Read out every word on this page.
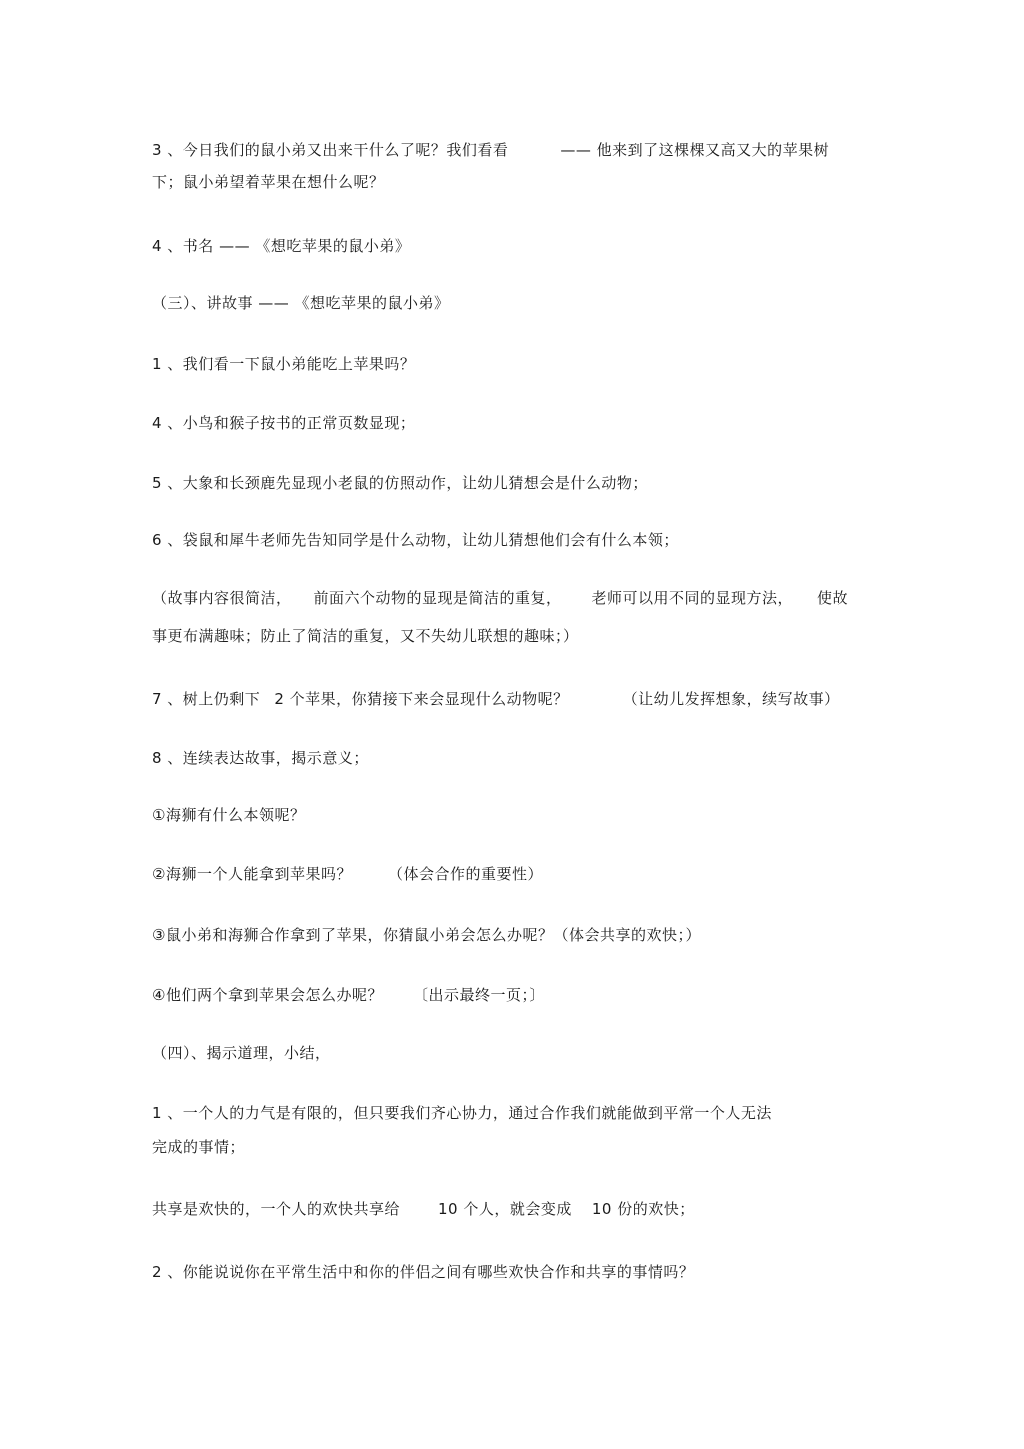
3 、今日我们的鼠小弟又出来干什么了呢？我们看看	—— 他来到了这棵棵又高又大的苹果树
下；鼠小弟望着苹果在想什么呢？
4 、书名 —— 《想吃苹果的鼠小弟》
（三）、讲故事 —— 《想吃苹果的鼠小弟》
1 、我们看一下鼠小弟能吃上苹果吗？
4 、小鸟和猴子按书的正常页数显现；
5 、大象和长颈鹿先显现小老鼠的仿照动作，让幼儿猜想会是什么动物；
6 、袋鼠和犀牛老师先告知同学是什么动物，让幼儿猜想他们会有什么本领；
（故事内容很简洁， 前面六个动物的显现是简洁的重复， 老师可以用不同的显现方法， 使故
事更布满趣味；防止了简洁的重复，又不失幼儿联想的趣味；）
7 、树上仍剩下 2 个苹果，你猜接下来会显现什么动物呢？	（让幼儿发挥想象，续写故事）
8 、连续表达故事，揭示意义；
①海狮有什么本领呢？
②海狮一个人能拿到苹果吗？ （体会合作的重要性）
③鼠小弟和海狮合作拿到了苹果，你猜鼠小弟会怎么办呢？（体会共享的欢快；）
④他们两个拿到苹果会怎么办呢？ 〔出示最终一页；〕
（四）、揭示道理，小结，
1 、一个人的力气是有限的，但只要我们齐心协力，通过合作我们就能做到平常一个人无法
完成的事情；
共享是欢快的，一个人的欢快共享给	10 个人，就会变成 10 份的欢快；
2 、你能说说你在平常生活中和你的伴侣之间有哪些欢快合作和共享的事情吗？
